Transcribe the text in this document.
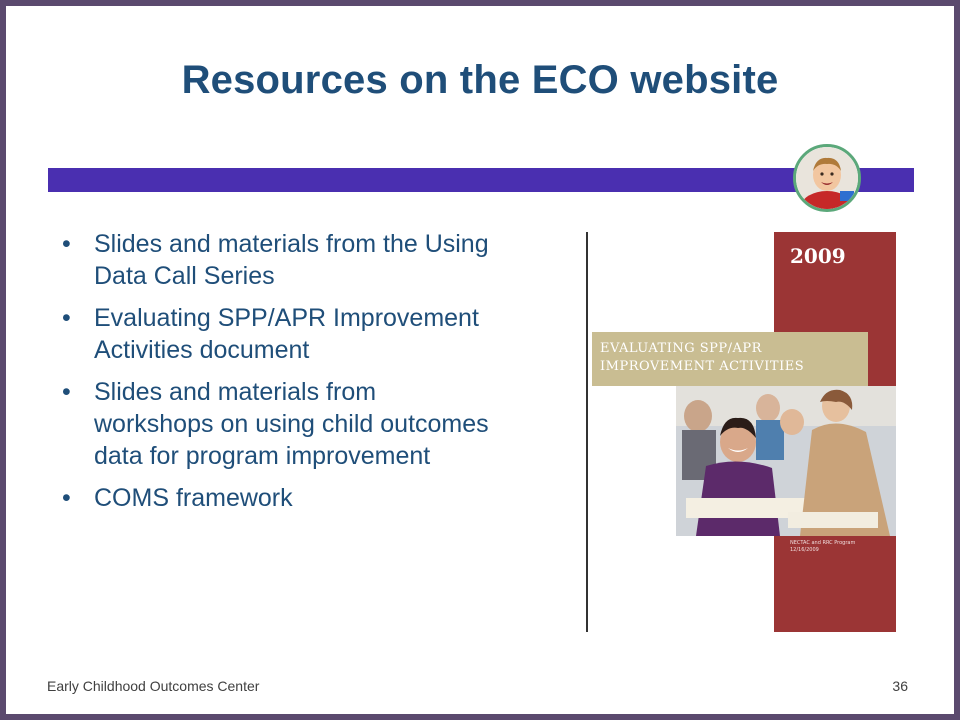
Resources on the ECO website
• Slides and materials from the Using Data Call Series
• Evaluating SPP/APR Improvement Activities document
• Slides and materials from workshops on using child outcomes data for program improvement
• COMS framework
2009
EVALUATING SPP/APR
IMPROVEMENT ACTIVITIES
NECTAC and RRC Program
12/16/2009
Early Childhood Outcomes Center	36
